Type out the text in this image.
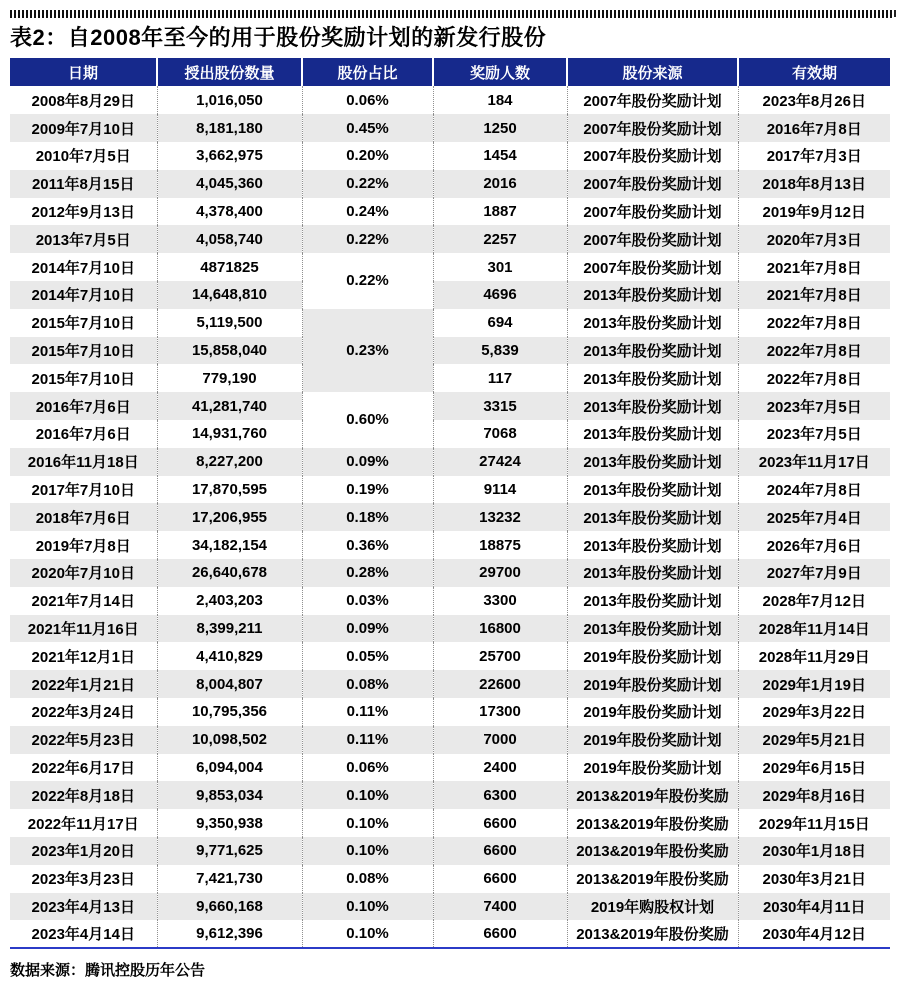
表2：自2008年至今的用于股份奖励计划的新发行股份
日期	授出股份数量	股份占比	奖励人数	股份来源	有效期
2008年8月29日	1,016,050	0.06%	184	2007年股份奖励计划	2023年8月26日
2009年7月10日	8,181,180	0.45%	1250	2007年股份奖励计划	2016年7月8日
2010年7月5日	3,662,975	0.20%	1454	2007年股份奖励计划	2017年7月3日
2011年8月15日	4,045,360	0.22%	2016	2007年股份奖励计划	2018年8月13日
2012年9月13日	4,378,400	0.24%	1887	2007年股份奖励计划	2019年9月12日
2013年7月5日	4,058,740	0.22%	2257	2007年股份奖励计划	2020年7月3日
2014年7月10日	4871825	0.22%	301	2007年股份奖励计划	2021年7月8日
2014年7月10日	14,648,810		4696	2013年股份奖励计划	2021年7月8日
2015年7月10日	5,119,500	0.23%	694	2013年股份奖励计划	2022年7月8日
2015年7月10日	15,858,040		5,839	2013年股份奖励计划	2022年7月8日
2015年7月10日	779,190		117	2013年股份奖励计划	2022年7月8日
2016年7月6日	41,281,740	0.60%	3315	2013年股份奖励计划	2023年7月5日
2016年7月6日	14,931,760		7068	2013年股份奖励计划	2023年7月5日
2016年11月18日	8,227,200	0.09%	27424	2013年股份奖励计划	2023年11月17日
2017年7月10日	17,870,595	0.19%	9114	2013年股份奖励计划	2024年7月8日
2018年7月6日	17,206,955	0.18%	13232	2013年股份奖励计划	2025年7月4日
2019年7月8日	34,182,154	0.36%	18875	2013年股份奖励计划	2026年7月6日
2020年7月10日	26,640,678	0.28%	29700	2013年股份奖励计划	2027年7月9日
2021年7月14日	2,403,203	0.03%	3300	2013年股份奖励计划	2028年7月12日
2021年11月16日	8,399,211	0.09%	16800	2013年股份奖励计划	2028年11月14日
2021年12月1日	4,410,829	0.05%	25700	2019年股份奖励计划	2028年11月29日
2022年1月21日	8,004,807	0.08%	22600	2019年股份奖励计划	2029年1月19日
2022年3月24日	10,795,356	0.11%	17300	2019年股份奖励计划	2029年3月22日
2022年5月23日	10,098,502	0.11%	7000	2019年股份奖励计划	2029年5月21日
2022年6月17日	6,094,004	0.06%	2400	2019年股份奖励计划	2029年6月15日
2022年8月18日	9,853,034	0.10%	6300	2013&2019年股份奖励	2029年8月16日
2022年11月17日	9,350,938	0.10%	6600	2013&2019年股份奖励	2029年11月15日
2023年1月20日	9,771,625	0.10%	6600	2013&2019年股份奖励	2030年1月18日
2023年3月23日	7,421,730	0.08%	6600	2013&2019年股份奖励	2030年3月21日
2023年4月13日	9,660,168	0.10%	7400	2019年购股权计划	2030年4月11日
2023年4月14日	9,612,396	0.10%	6600	2013&2019年股份奖励	2030年4月12日
数据来源：腾讯控股历年公告
